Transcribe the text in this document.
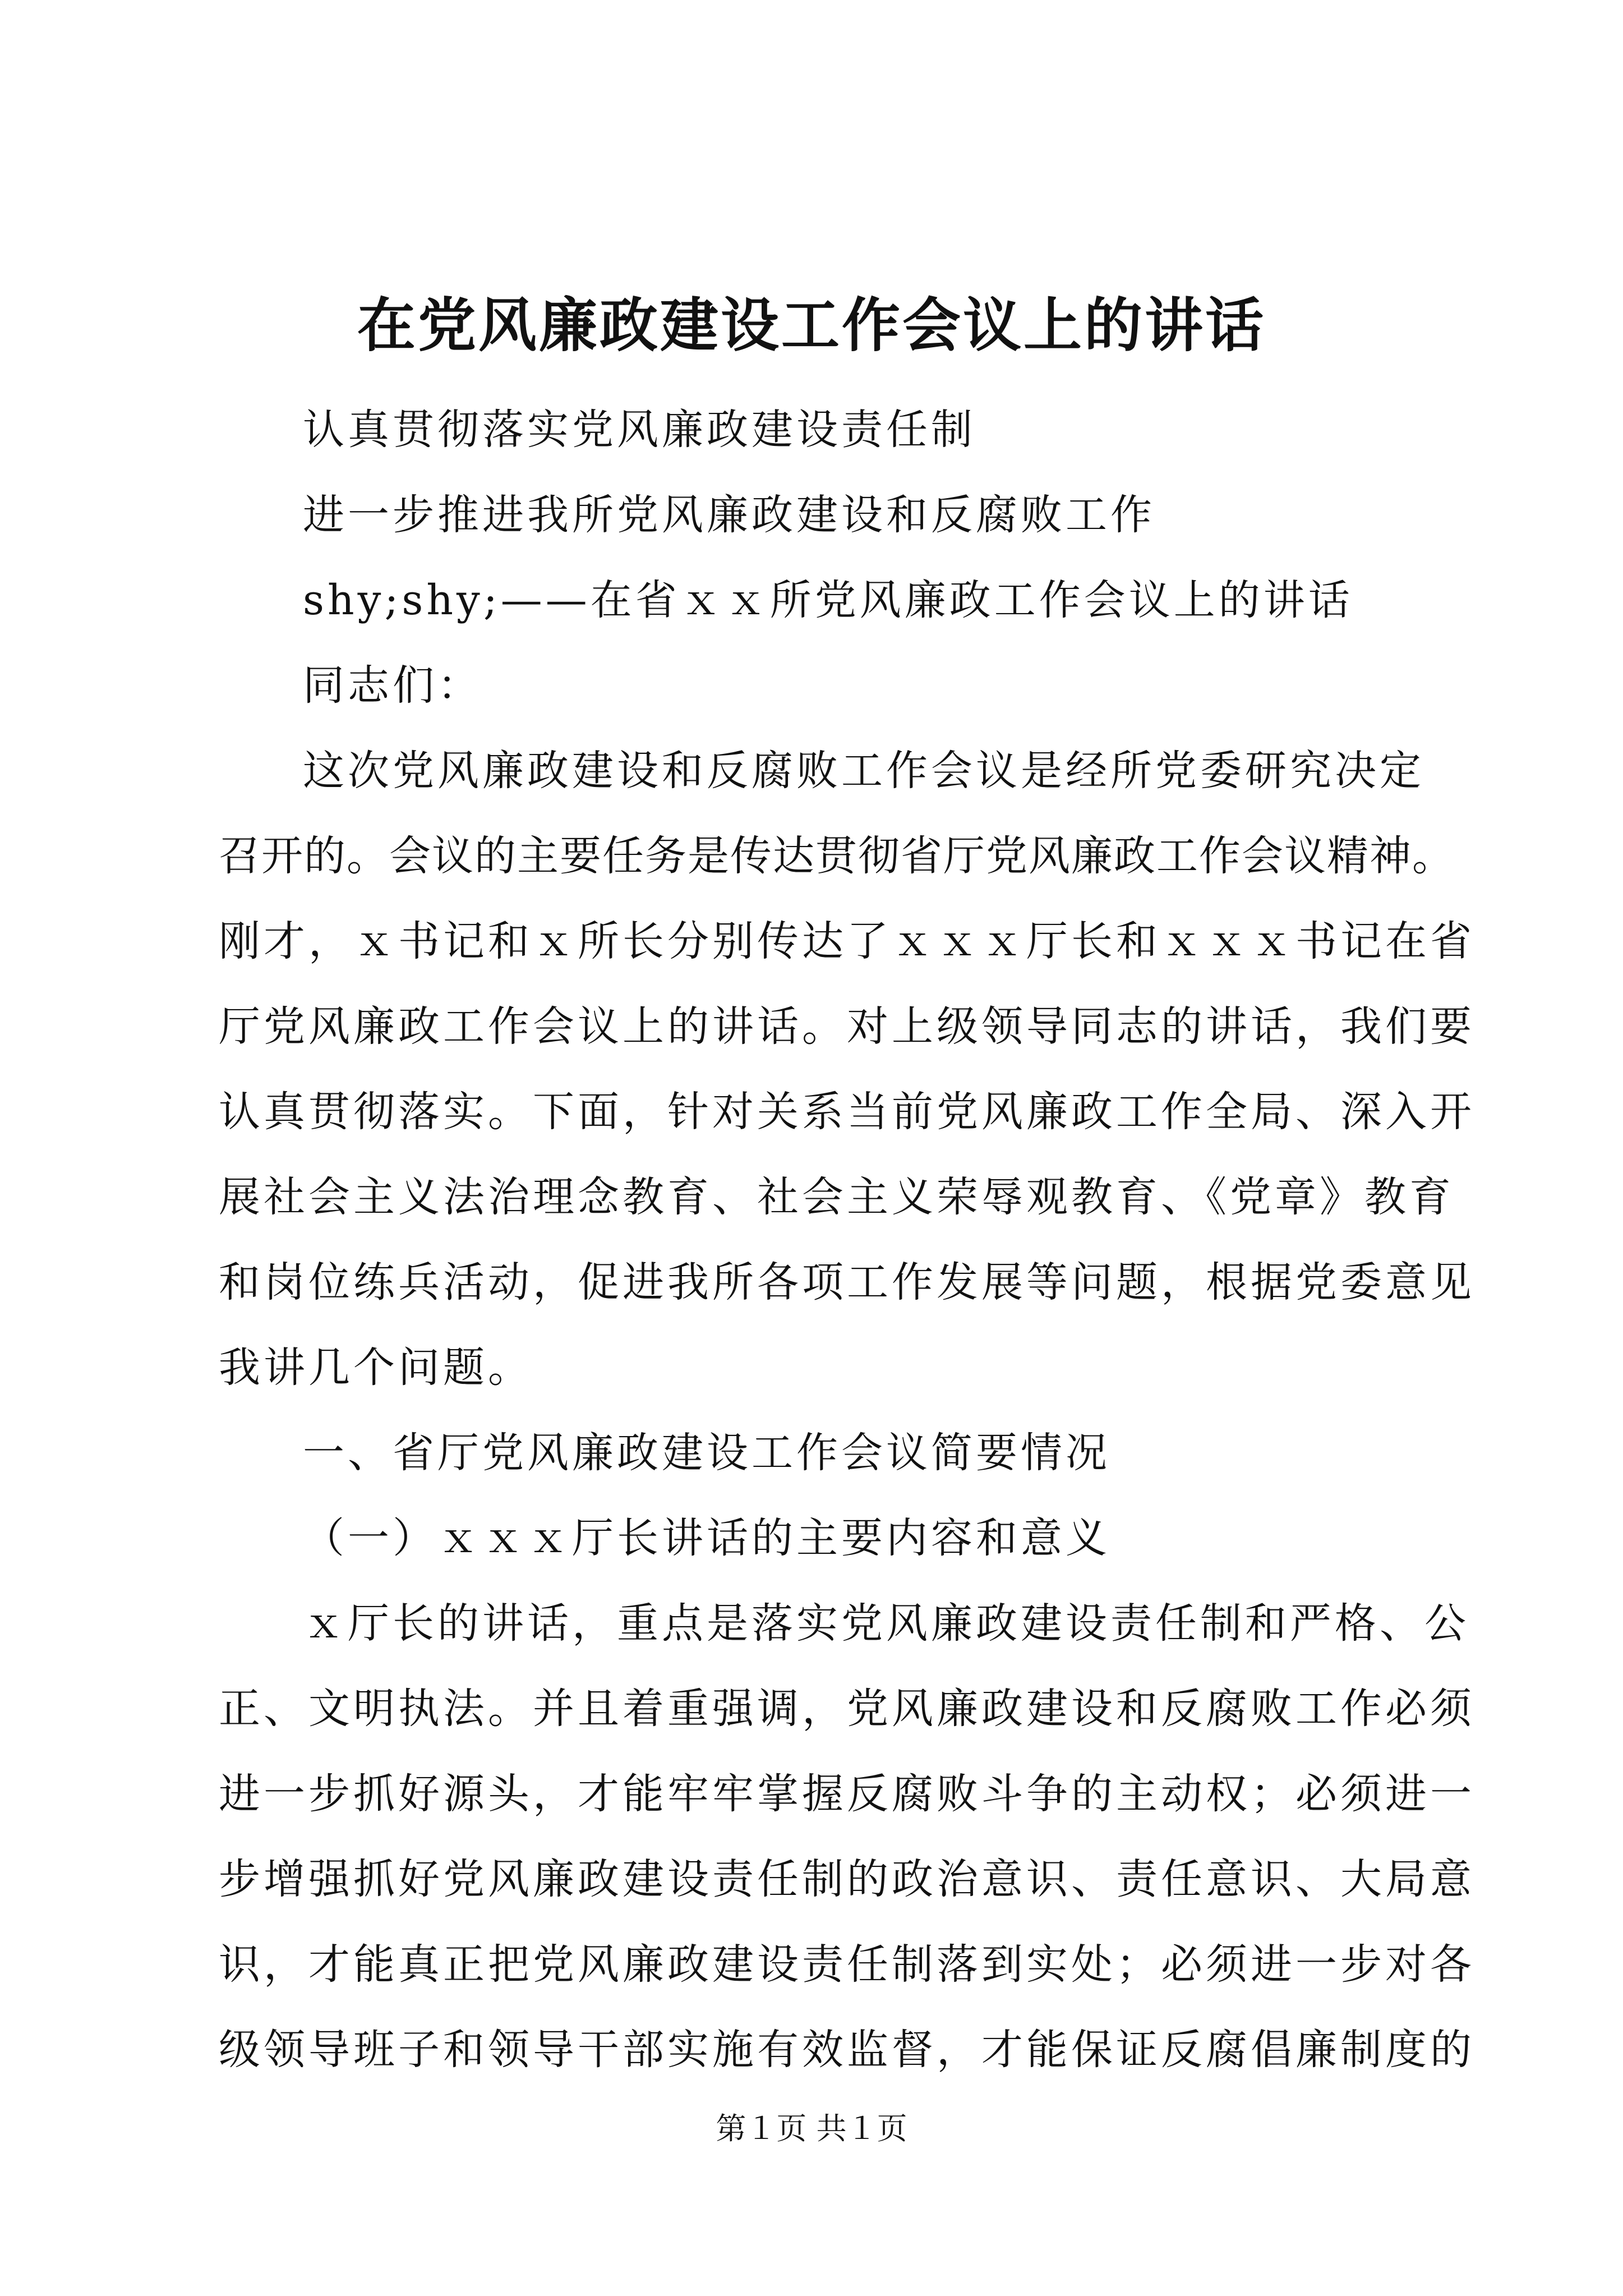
在党风廉政建设工作会议上的讲话
认真贯彻落实党风廉政建设责任制
进一步推进我所党风廉政建设和反腐败工作
shy;shy;——在省ｘｘ所党风廉政工作会议上的讲话
同志们：
这次党风廉政建设和反腐败工作会议是经所党委研究决定
召开的。会议的主要任务是传达贯彻省厅党风廉政工作会议精神。
刚才，ｘ书记和ｘ所长分别传达了ｘｘｘ厅长和ｘｘｘ书记在省
厅党风廉政工作会议上的讲话。对上级领导同志的讲话，我们要
认真贯彻落实。下面，针对关系当前党风廉政工作全局、深入开
展社会主义法治理念教育、社会主义荣辱观教育、《党章》教育
和岗位练兵活动，促进我所各项工作发展等问题，根据党委意见
我讲几个问题。
一、省厅党风廉政建设工作会议简要情况
（一）ｘｘｘ厅长讲话的主要内容和意义
ｘ厅长的讲话，重点是落实党风廉政建设责任制和严格、公
正、文明执法。并且着重强调，党风廉政建设和反腐败工作必须
进一步抓好源头，才能牢牢掌握反腐败斗争的主动权；必须进一
步增强抓好党风廉政建设责任制的政治意识、责任意识、大局意
识，才能真正把党风廉政建设责任制落到实处；必须进一步对各
级领导班子和领导干部实施有效监督，才能保证反腐倡廉制度的
第１页 共１页
